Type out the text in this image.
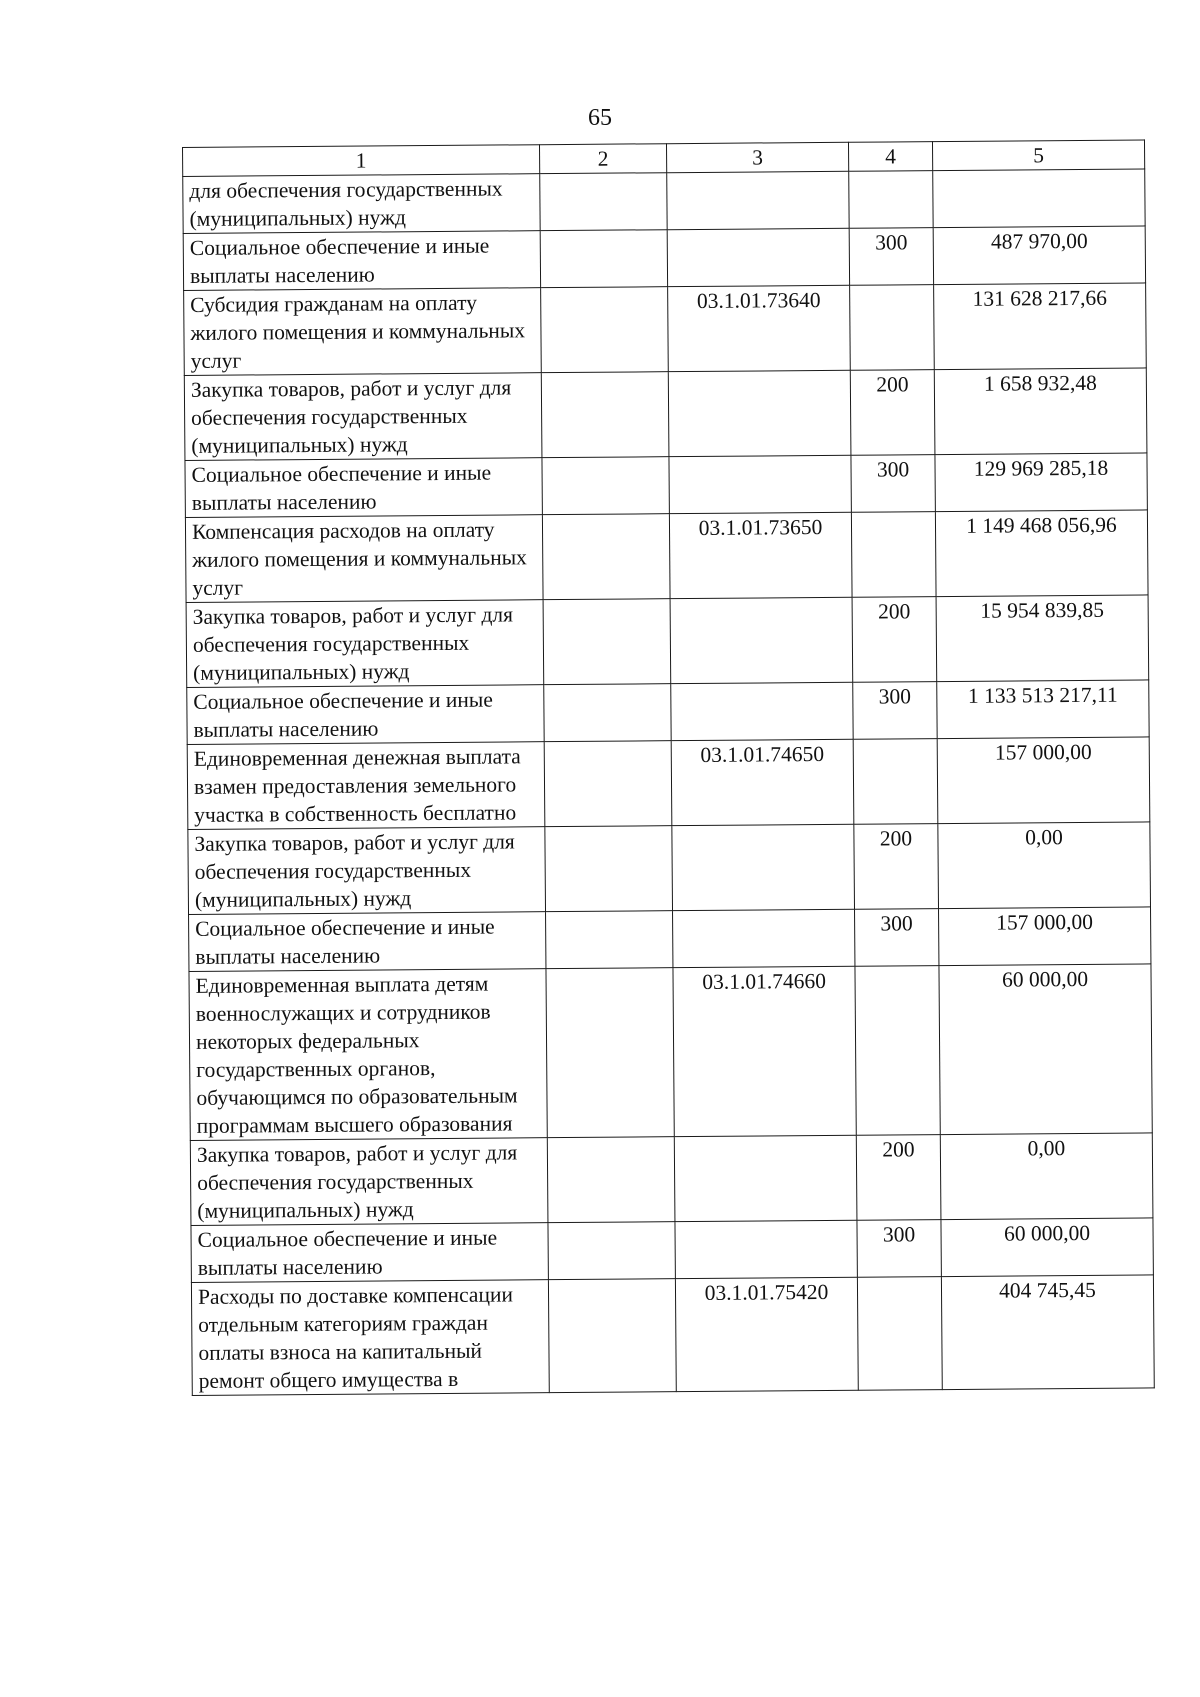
65
1	2	3	4	5
для обеспечения государственных (муниципальных) нужд				
Социальное обеспечение и иные выплаты населению			300	487 970,00
Субсидия гражданам на оплату жилого помещения и коммунальных услуг		03.1.01.73640		131 628 217,66
Закупка товаров, работ и услуг для обеспечения государственных (муниципальных) нужд			200	1 658 932,48
Социальное обеспечение и иные выплаты населению			300	129 969 285,18
Компенсация расходов на оплату жилого помещения и коммунальных услуг		03.1.01.73650		1 149 468 056,96
Закупка товаров, работ и услуг для обеспечения государственных (муниципальных) нужд			200	15 954 839,85
Социальное обеспечение и иные выплаты населению			300	1 133 513 217,11
Единовременная денежная выплата взамен предоставления земельного участка в собственность бесплатно		03.1.01.74650		157 000,00
Закупка товаров, работ и услуг для обеспечения государственных (муниципальных) нужд			200	0,00
Социальное обеспечение и иные выплаты населению			300	157 000,00
Единовременная выплата детям военнослужащих и сотрудников некоторых федеральных государственных органов, обучающимся по образовательным программам высшего образования		03.1.01.74660		60 000,00
Закупка товаров, работ и услуг для обеспечения государственных (муниципальных) нужд			200	0,00
Социальное обеспечение и иные выплаты населению			300	60 000,00
Расходы по доставке компенсации отдельным категориям граждан оплаты взноса на капитальный ремонт общего имущества в		03.1.01.75420		404 745,45
